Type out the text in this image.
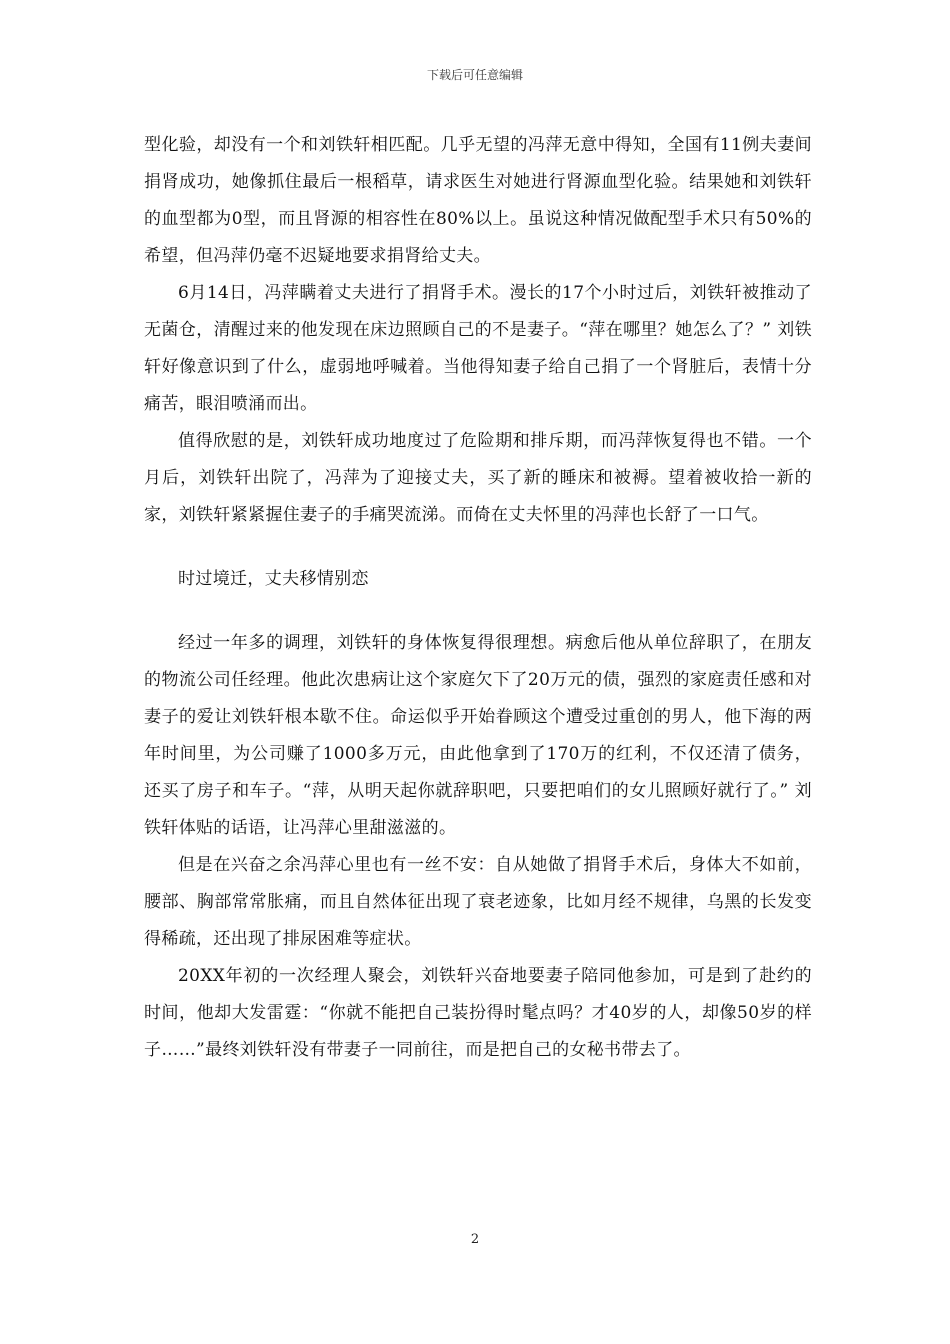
下载后可任意编辑

型化验，却没有一个和刘铁轩相匹配。几乎无望的冯萍无意中得知，全国有11例夫妻间捐肾成功，她像抓住最后一根稻草，请求医生对她进行肾源血型化验。结果她和刘铁轩的血型都为0型，而且肾源的相容性在80%以上。虽说这种情况做配型手术只有50%的希望，但冯萍仍毫不迟疑地要求捐肾给丈夫。

6月14日，冯萍瞒着丈夫进行了捐肾手术。漫长的17个小时过后，刘铁轩被推动了无菌仓，清醒过来的他发现在床边照顾自己的不是妻子。“萍在哪里？她怎么了？” 刘铁轩好像意识到了什么，虚弱地呼喊着。当他得知妻子给自己捐了一个肾脏后，表情十分痛苦，眼泪喷涌而出。

值得欣慰的是，刘铁轩成功地度过了危险期和排斥期，而冯萍恢复得也不错。一个月后，刘铁轩出院了，冯萍为了迎接丈夫，买了新的睡床和被褥。望着被收拾一新的家，刘铁轩紧紧握住妻子的手痛哭流涕。而倚在丈夫怀里的冯萍也长舒了一口气。

时过境迁，丈夫移情别恋

经过一年多的调理，刘铁轩的身体恢复得很理想。病愈后他从单位辞职了，在朋友的物流公司任经理。他此次患病让这个家庭欠下了20万元的债，强烈的家庭责任感和对妻子的爱让刘铁轩根本歇不住。命运似乎开始眷顾这个遭受过重创的男人，他下海的两年时间里，为公司赚了1000多万元，由此他拿到了170万的红利，不仅还清了债务，还买了房子和车子。“萍，从明天起你就辞职吧，只要把咱们的女儿照顾好就行了。” 刘铁轩体贴的话语，让冯萍心里甜滋滋的。

但是在兴奋之余冯萍心里也有一丝不安：自从她做了捐肾手术后，身体大不如前，腰部、胸部常常胀痛，而且自然体征出现了衰老迹象，比如月经不规律，乌黑的长发变得稀疏，还出现了排尿困难等症状。

20XX年初的一次经理人聚会，刘铁轩兴奋地要妻子陪同他参加，可是到了赴约的时间，他却大发雷霆：“你就不能把自己装扮得时髦点吗？才40岁的人，却像50岁的样子……”最终刘铁轩没有带妻子一同前往，而是把自己的女秘书带去了。

2
